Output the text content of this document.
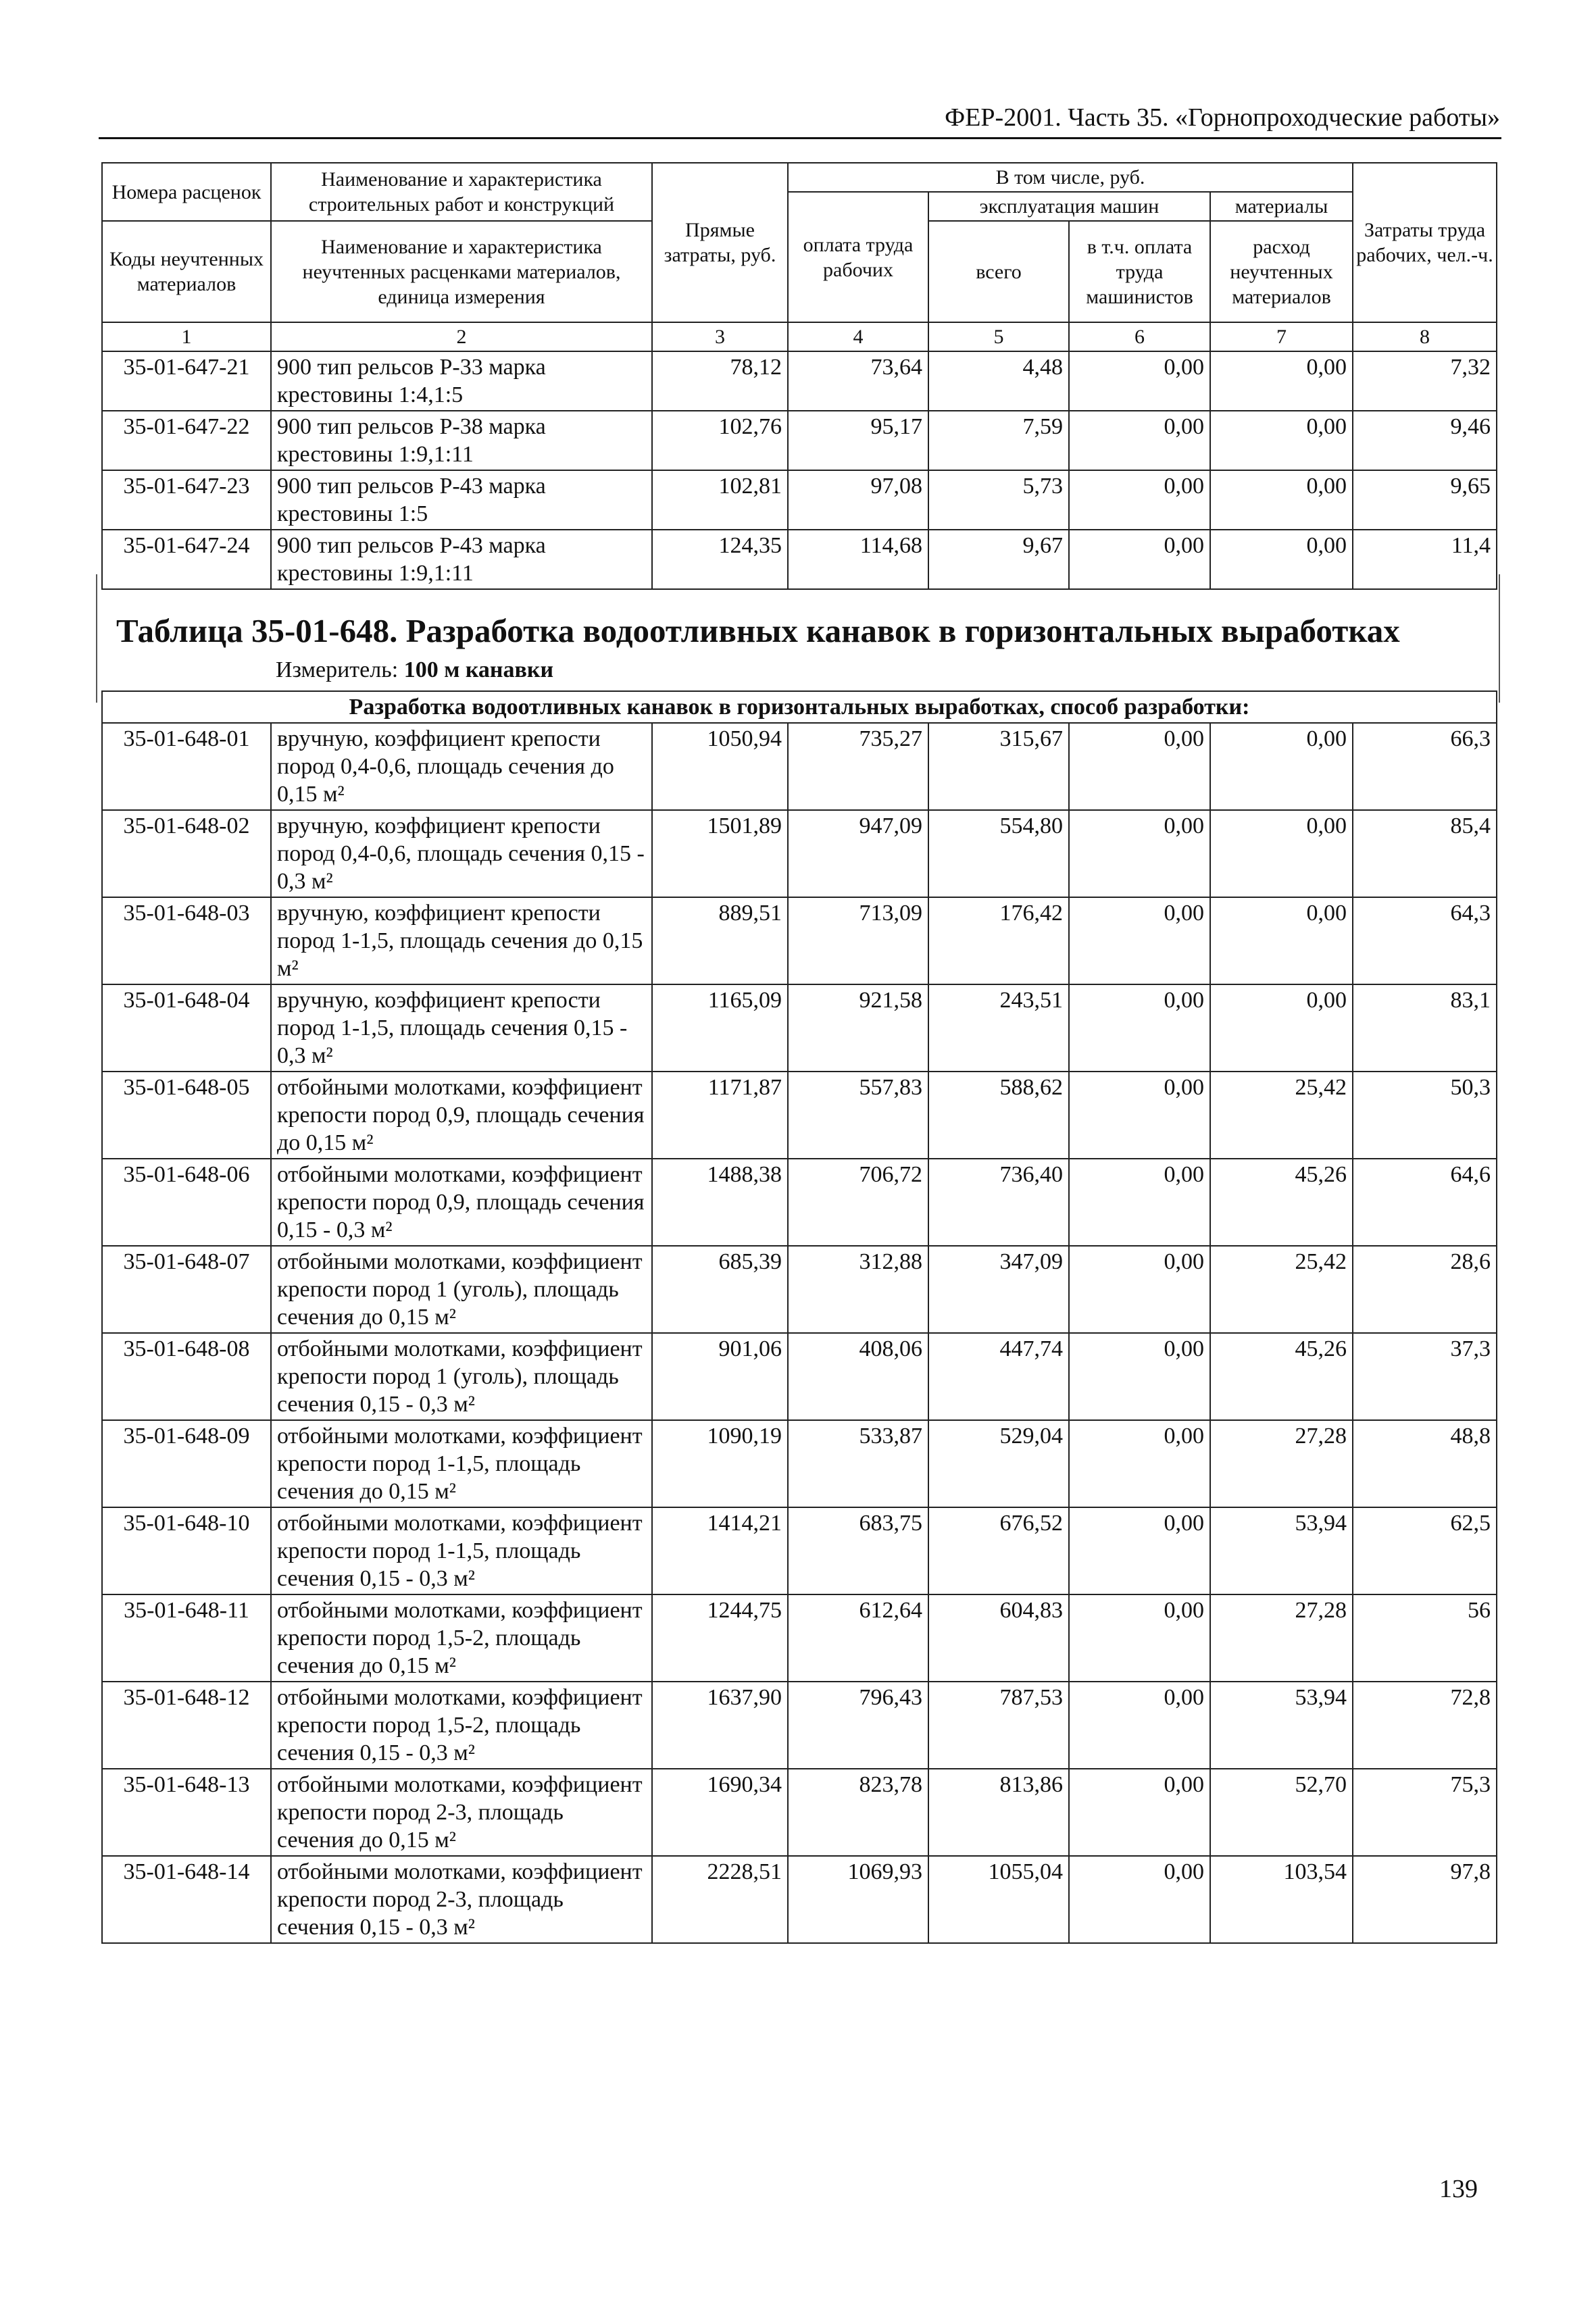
ФЕР-2001. Часть 35. «Горнопроходческие работы»
Номера расценок	Наименование и характеристика строительных работ и конструкций	Прямые затраты, руб.	В том числе, руб.				Затраты труда рабочих, чел.-ч.
			оплата труда рабочих	эксплуатация машин		материалы	
Коды неучтенных материалов	Наименование и характеристика неучтенных расценками материалов, единица измерения			всего	в т.ч. оплата труда машинистов	расход неучтенных материалов	

1	2	3	4	5	6	7	8
35-01-647-21	900 тип рельсов Р-33 марка крестовины 1:4,1:5	78,12	73,64	4,48	0,00	0,00	7,32
35-01-647-22	900 тип рельсов Р-38 марка крестовины 1:9,1:11	102,76	95,17	7,59	0,00	0,00	9,46
35-01-647-23	900 тип рельсов Р-43 марка крестовины 1:5	102,81	97,08	5,73	0,00	0,00	9,65
35-01-647-24	900 тип рельсов Р-43 марка крестовины 1:9,1:11	124,35	114,68	9,67	0,00	0,00	11,4
Таблица 35-01-648. Разработка водоотливных канавок в горизонтальных выработках
Измеритель: 100 м канавки
Разработка водоотливных канавок в горизонтальных выработках, способ разработки:							
35-01-648-01	вручную, коэффициент крепости пород 0,4-0,6, площадь сечения до 0,15 м²	1050,94	735,27	315,67	0,00	0,00	66,3
35-01-648-02	вручную, коэффициент крепости пород 0,4-0,6, площадь сечения 0,15 - 0,3 м²	1501,89	947,09	554,80	0,00	0,00	85,4
35-01-648-03	вручную, коэффициент крепости пород 1-1,5, площадь сечения до 0,15 м²	889,51	713,09	176,42	0,00	0,00	64,3
35-01-648-04	вручную, коэффициент крепости пород 1-1,5, площадь сечения 0,15 - 0,3 м²	1165,09	921,58	243,51	0,00	0,00	83,1
35-01-648-05	отбойными молотками, коэффициент крепости пород 0,9, площадь сечения до 0,15 м²	1171,87	557,83	588,62	0,00	25,42	50,3
35-01-648-06	отбойными молотками, коэффициент крепости пород 0,9, площадь сечения 0,15 - 0,3 м²	1488,38	706,72	736,40	0,00	45,26	64,6
35-01-648-07	отбойными молотками, коэффициент крепости пород 1 (уголь), площадь сечения до 0,15 м²	685,39	312,88	347,09	0,00	25,42	28,6
35-01-648-08	отбойными молотками, коэффициент крепости пород 1 (уголь), площадь сечения 0,15 - 0,3 м²	901,06	408,06	447,74	0,00	45,26	37,3
35-01-648-09	отбойными молотками, коэффициент крепости пород 1-1,5, площадь сечения до 0,15 м²	1090,19	533,87	529,04	0,00	27,28	48,8
35-01-648-10	отбойными молотками, коэффициент крепости пород 1-1,5, площадь сечения 0,15 - 0,3 м²	1414,21	683,75	676,52	0,00	53,94	62,5
35-01-648-11	отбойными молотками, коэффициент крепости пород 1,5-2, площадь сечения до 0,15 м²	1244,75	612,64	604,83	0,00	27,28	56
35-01-648-12	отбойными молотками, коэффициент крепости пород 1,5-2, площадь сечения 0,15 - 0,3 м²	1637,90	796,43	787,53	0,00	53,94	72,8
35-01-648-13	отбойными молотками, коэффициент крепости пород 2-3, площадь сечения до 0,15 м²	1690,34	823,78	813,86	0,00	52,70	75,3
35-01-648-14	отбойными молотками, коэффициент крепости пород 2-3, площадь сечения 0,15 - 0,3 м²	2228,51	1069,93	1055,04	0,00	103,54	97,8
139
